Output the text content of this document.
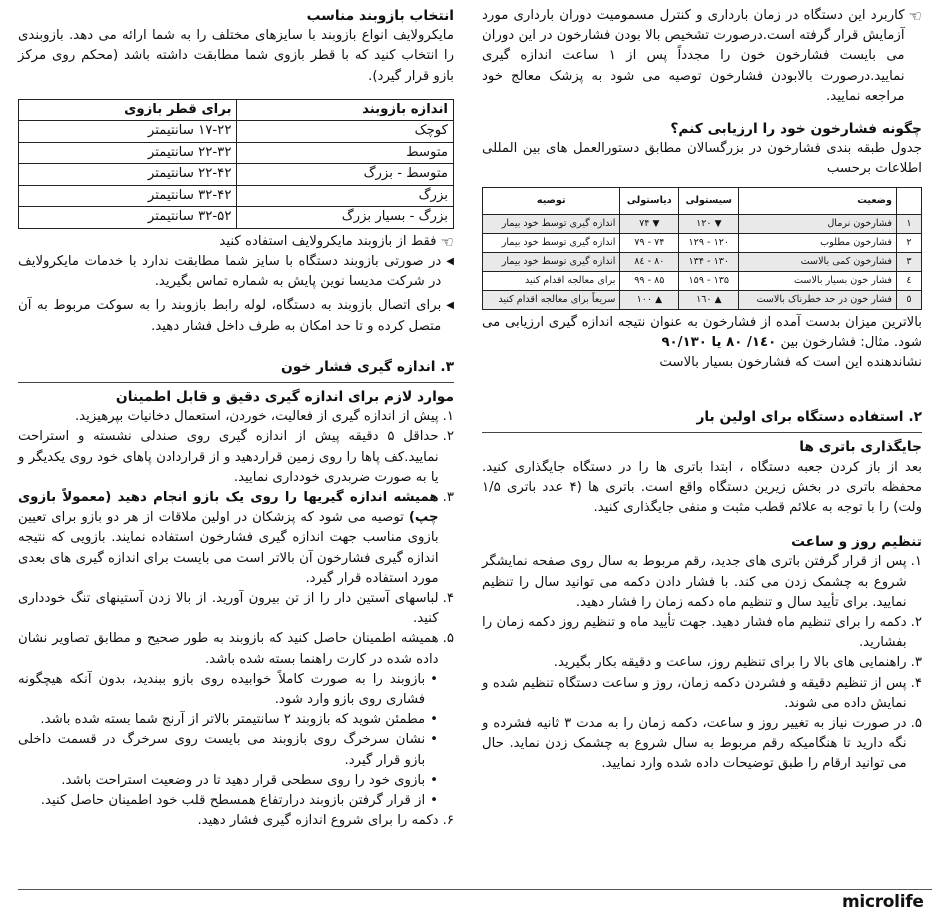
☜

کاربرد این دستگاه در زمان بارداری و کنترل مسمومیت دوران بارداری مورد آزمایش قرار گرفته است.درصورت تشخیص بالا بودن فشارخون در این دوران می بایست فشارخون خون را مجدداً پس از ۱ ساعت اندازه گیری نمایید.درصورت بالابودن فشارخون توصیه می شود به پزشک معالج خود مراجعه نمایید.

چگونه فشارخون خود را ارزیابی کنم؟

جدول طبقه بندی فشارخون در بزرگسالان مطابق دستورالعمل های بین المللی اطلاعات برحسب

	وضعیت	سیستولی	دیاستولی	توصیه
۱	فشارخون نرمال	▼ ۱۲۰	▼ ۷۴	اندازه گیری توسط خود بیمار
۲	فشارخون مطلوب	۱۲۰ - ۱۲۹	۷۴ - ۷۹	اندازه گیری توسط خود بیمار
۳	فشارخون کمی بالاست	۱۳۰ - ۱۳۴	۸۰ - ۸٤	اندازه گیری توسط خود بیمار
٤	فشار خون بسیار بالاست	۱۳۵ - ۱۵۹	۸۵ - ۹۹	برای معالجه اقدام کنید
٥	فشار خون در حد خطرناک بالاست	▲ ۱٦۰	▲ ۱۰۰	سریعاً برای معالجه اقدام کنید

بالاترین میزان بدست آمده از فشارخون به عنوان نتیجه اندازه گیری ارزیابی می شود. مثال: فشارخون بین ۱٤۰/ ۸۰ یا ۹۰/۱۳۰

نشاندهنده این است که فشارخون بسیار بالاست

۲. استفاده دستگاه برای اولین بار

جایگذاری باتری ها

بعد از باز کردن جعبه دستگاه ، ابتدا باتری ها را در دستگاه جایگذاری کنید. محفظه باتری در بخش زیرین دستگاه واقع است. باتری ها (۴ عدد باتری ۱/۵ ولت) را با توجه به علائم قطب مثبت و منفی جایگذاری کنید.

تنظیم روز و ساعت

۱.
پس از قرار گرفتن باتری های جدید، رقم مربوط به سال روی صفحه نمایشگر شروع به چشمک زدن می کند. با فشار دادن دکمه می توانید سال را تنظیم نمایید. برای تأیید سال و تنظیم ماه دکمه زمان را فشار دهید.
۲.
دکمه را برای تنظیم ماه فشار دهید. جهت تأیید ماه و تنظیم روز دکمه زمان را بفشارید.
۳.
راهنمایی های بالا را برای تنظیم روز، ساعت و دقیقه بکار بگیرید.
۴.
پس از تنظیم دقیقه و فشردن دکمه زمان، روز و ساعت دستگاه تنظیم شده و نمایش داده می شوند.
۵.
در صورت نیاز به تغییر روز و ساعت، دکمه زمان را به مدت ۳ ثانیه فشرده و نگه دارید تا هنگامیکه رقم مربوط به سال شروع به چشمک زدن نماید. حال می توانید ارقام را طبق توضیحات داده شده وارد نمایید.

انتخاب بازوبند مناسب

مایکرولایف انواع بازوبند با سایزهای مختلف را به شما ارائه می دهد. بازوبندی را انتخاب کنید که با قطر بازوی شما مطابقت داشته باشد (محکم روی مرکز بازو قرار گیرد).

اندازه بازوبند	برای قطر بازوی
کوچک	۱۷-۲۲ سانتیمتر
متوسط	۲۲-۳۲ سانتیمتر
متوسط - بزرگ	۲۲-۴۲ سانتیمتر
بزرگ	۳۲-۴۲ سانتیمتر
بزرگ - بسیار بزرگ	۳۲-۵۲ سانتیمتر
☜

فقط از بازوبند مایکرولایف استفاده کنید

◀
در صورتی بازوبند دستگاه با سایز شما مطابقت ندارد با خدمات مایکرولایف در شرکت مدیسا نوین پایش به شماره تماس بگیرید.
◀
برای اتصال بازوبند به دستگاه، لوله رابط بازوبند را به سوکت مربوط به آن متصل کرده و تا حد امکان به طرف داخل فشار دهید.

۳. اندازه گیری فشار خون

موارد لازم برای اندازه گیری دقیق و قابل اطمینان

۱.
پیش از اندازه گیری از فعالیت، خوردن، استعمال دخانیات بپرهیزید.
۲.
حداقل ۵ دقیقه پیش از اندازه گیری روی صندلی نشسته و استراحت نمایید.کف پاها را روی زمین قراردهید و از قراردادن پاهای خود روی یکدیگر و یا به صورت ضربدری خودداری نمایید.
۳.
همیشه اندازه گیریها را روی یک بازو انجام دهید (معمولاً بازوی چپ) توصیه می شود که پزشکان در اولین ملاقات از هر دو بازو برای تعیین بازوی مناسب جهت اندازه گیری فشارخون استفاده نمایند. بازویی که نتیجه اندازه گیری فشارخون آن بالاتر است می بایست برای اندازه گیری های بعدی مورد استفاده قرار گیرد.
۴.
لباسهای آستین دار را از تن بیرون آورید. از بالا زدن آستینهای تنگ خودداری کنید.
۵.
همیشه اطمینان حاصل کنید که بازوبند به طور صحیح و مطابق تصاویر نشان داده شده در کارت راهنما بسته شده باشد.
•
بازوبند را به صورت کاملاً خوابیده روی بازو ببندید، بدون آنکه هیچگونه فشاری روی بازو وارد شود.
•
مطمئن شوید که بازوبند ۲ سانتیمتر بالاتر از آرنج شما بسته شده باشد.
•
نشان سرخرگ روی بازوبند می بایست روی سرخرگ در قسمت داخلی بازو قرار گیرد.
•
بازوی خود را روی سطحی قرار دهید تا در وضعیت استراحت باشد.
•
از قرار گرفتن بازوبند درارتفاع همسطح قلب خود اطمینان حاصل کنید.
۶.
دکمه را برای شروع اندازه گیری فشار دهید.
microlife
